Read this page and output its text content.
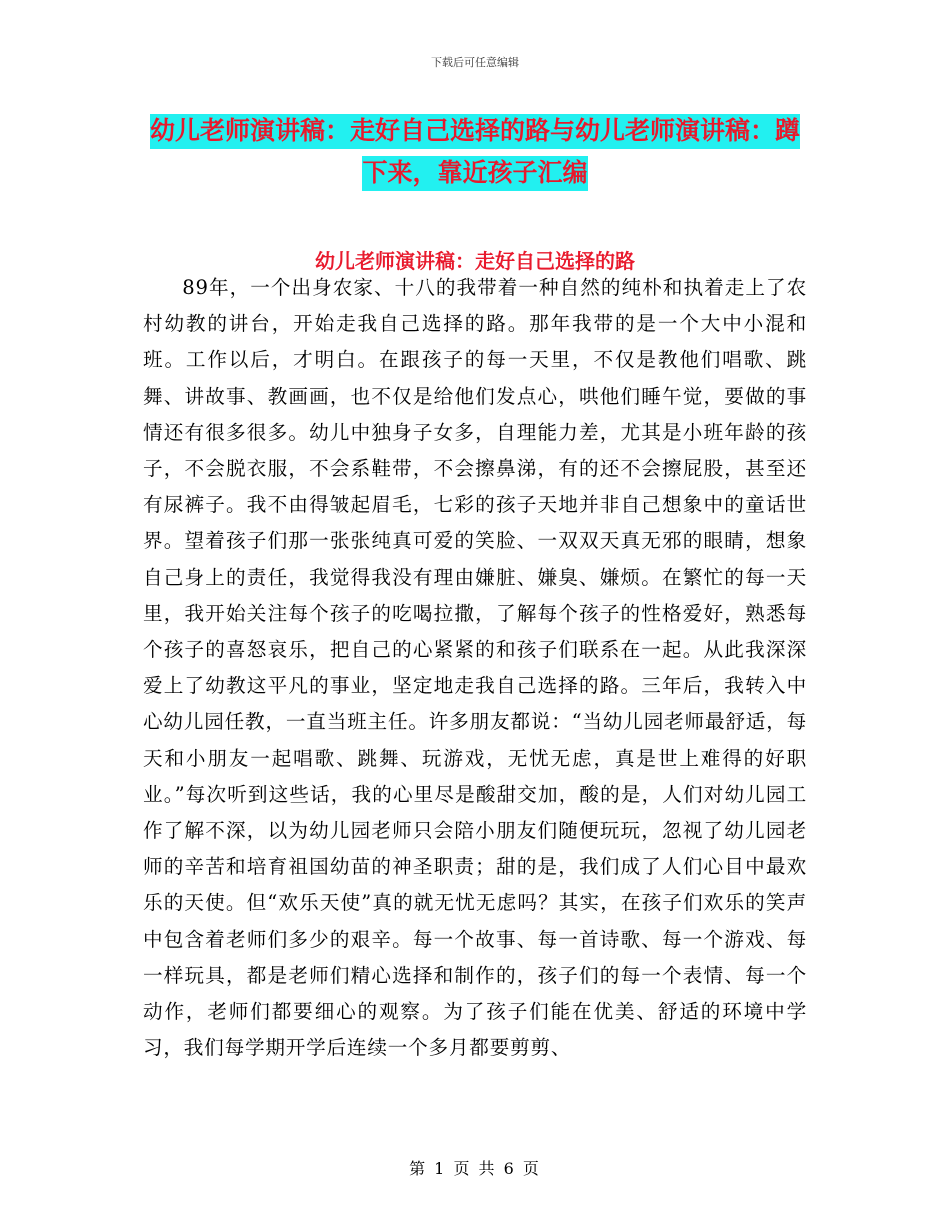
下载后可任意编辑
幼儿老师演讲稿：走好自己选择的路与幼儿老师演讲稿：蹲下来，靠近孩子汇编
幼儿老师演讲稿：走好自己选择的路

89年，一个出身农家、十八的我带着一种自然的纯朴和执着走上了农村幼教的讲台，开始走我自己选择的路。那年我带的是一个大中小混和班。工作以后，才明白。在跟孩子的每一天里，不仅是教他们唱歌、跳舞、讲故事、教画画，也不仅是给他们发点心，哄他们睡午觉，要做的事情还有很多很多。幼儿中独身子女多，自理能力差，尤其是小班年龄的孩子，不会脱衣服，不会系鞋带，不会擦鼻涕，有的还不会擦屁股，甚至还有尿裤子。我不由得皱起眉毛，七彩的孩子天地并非自己想象中的童话世界。望着孩子们那一张张纯真可爱的笑脸、一双双天真无邪的眼睛，想象自己身上的责任，我觉得我没有理由嫌脏、嫌臭、嫌烦。在繁忙的每一天里，我开始关注每个孩子的吃喝拉撒，了解每个孩子的性格爱好，熟悉每个孩子的喜怒哀乐，把自己的心紧紧的和孩子们联系在一起。从此我深深爱上了幼教这平凡的事业，坚定地走我自己选择的路。三年后，我转入中心幼儿园任教，一直当班主任。许多朋友都说：“当幼儿园老师最舒适，每天和小朋友一起唱歌、跳舞、玩游戏，无忧无虑，真是世上难得的好职业。”每次听到这些话，我的心里尽是酸甜交加，酸的是，人们对幼儿园工作了解不深，以为幼儿园老师只会陪小朋友们随便玩玩，忽视了幼儿园老师的辛苦和培育祖国幼苗的神圣职责；甜的是，我们成了人们心目中最欢乐的天使。但“欢乐天使”真的就无忧无虑吗？其实，在孩子们欢乐的笑声中包含着老师们多少的艰辛。每一个故事、每一首诗歌、每一个游戏、每一样玩具，都是老师们精心选择和制作的，孩子们的每一个表情、每一个动作，老师们都要细心的观察。为了孩子们能在优美、舒适的环境中学习，我们每学期开学后连续一个多月都要剪剪、

第 1 页 共 6 页
